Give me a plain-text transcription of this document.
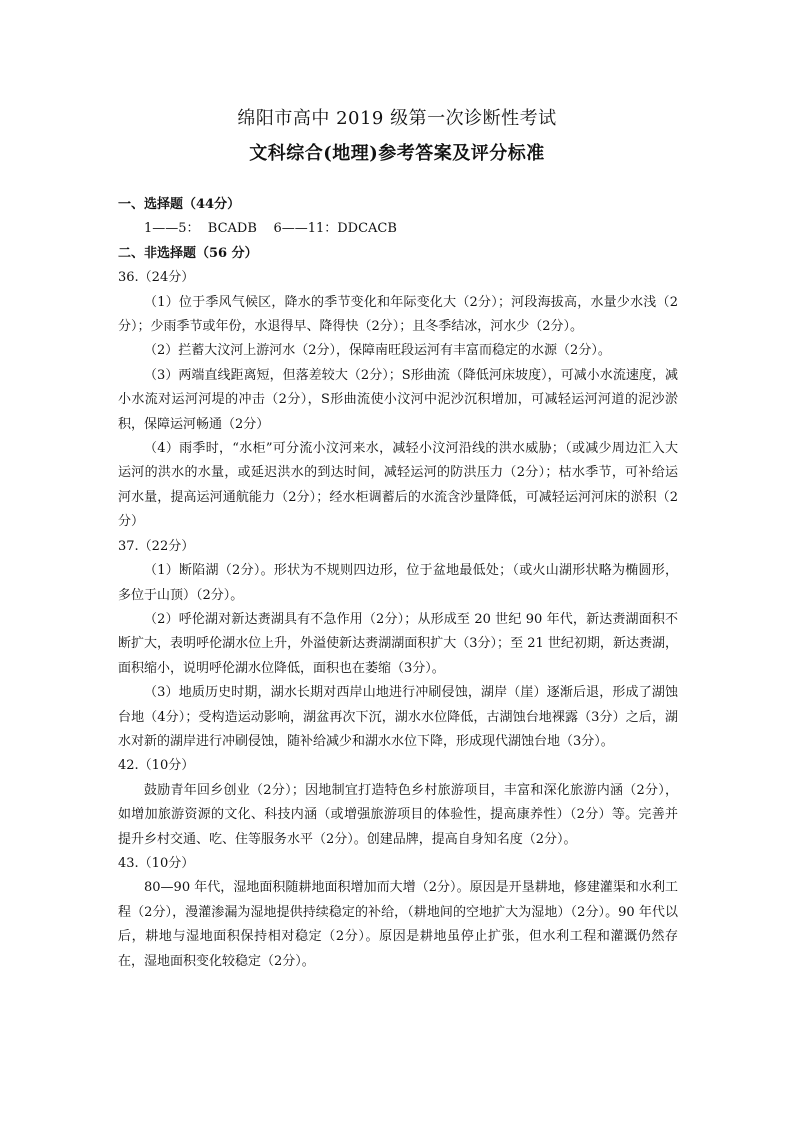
绵阳市高中 2019 级第一次诊断性考试
文科综合(地理)参考答案及评分标准

一、选择题（44分）

1——5：  BCADB    6——11：DDCACB

二、非选择题（56 分）

36.（24分）

（1）位于季风气候区，降水的季节变化和年际变化大（2分）；河段海拔高，水量少水浅（2分）；少雨季节或年份，水退得早、降得快（2分）；且冬季结冰，河水少（2分）。

（2）拦蓄大汶河上游河水（2分），保障南旺段运河有丰富而稳定的水源（2分）。

（3）两端直线距离短，但落差较大（2分）；S形曲流（降低河床坡度），可减小水流速度，减小水流对运河河堤的冲击（2分），S形曲流使小汶河中泥沙沉积增加，可减轻运河河道的泥沙淤积，保障运河畅通（2分）

（4）雨季时，“水柜”可分流小汶河来水，减轻小汶河沿线的洪水威胁；（或减少周边汇入大运河的洪水的水量，或延迟洪水的到达时间，减轻运河的防洪压力（2分）；枯水季节，可补给运河水量，提高运河通航能力（2分）；经水柜调蓄后的水流含沙量降低，可减轻运河河床的淤积（2分）

37.（22分）

（1）断陷湖（2分）。形状为不规则四边形，位于盆地最低处；（或火山湖形状略为椭圆形，多位于山顶）（2分）。

（2）呼伦湖对新达赉湖具有不急作用（2分）；从形成至 20 世纪 90 年代，新达赉湖面积不断扩大，表明呼伦湖水位上升，外溢使新达赉湖湖面积扩大（3分）；至 21 世纪初期，新达赉湖，面积缩小，说明呼伦湖水位降低，面积也在萎缩（3分）。

（3）地质历史时期，湖水长期对西岸山地进行冲刷侵蚀，湖岸（崖）逐渐后退，形成了湖蚀台地（4分）；受构造运动影响，湖盆再次下沉，湖水水位降低，古湖蚀台地裸露（3分）之后，湖水对新的湖岸进行冲刷侵蚀，随补给减少和湖水水位下降，形成现代湖蚀台地（3分）。

42.（10分）

鼓励青年回乡创业（2分）；因地制宜打造特色乡村旅游项目，丰富和深化旅游内涵（2分），如增加旅游资源的文化、科技内涵（或增强旅游项目的体验性，提高康养性）（2分）等。完善并提升乡村交通、吃、住等服务水平（2分）。创建品牌，提高自身知名度（2分）。

43.（10分）

80—90 年代，湿地面积随耕地面积增加而大增（2分）。原因是开垦耕地，修建灌渠和水利工程（2分），漫灌渗漏为湿地提供持续稳定的补给，（耕地间的空地扩大为湿地）（2分）。90 年代以后，耕地与湿地面积保持相对稳定（2分）。原因是耕地虽停止扩张，但水利工程和灌溉仍然存在，湿地面积变化较稳定（2分）。
